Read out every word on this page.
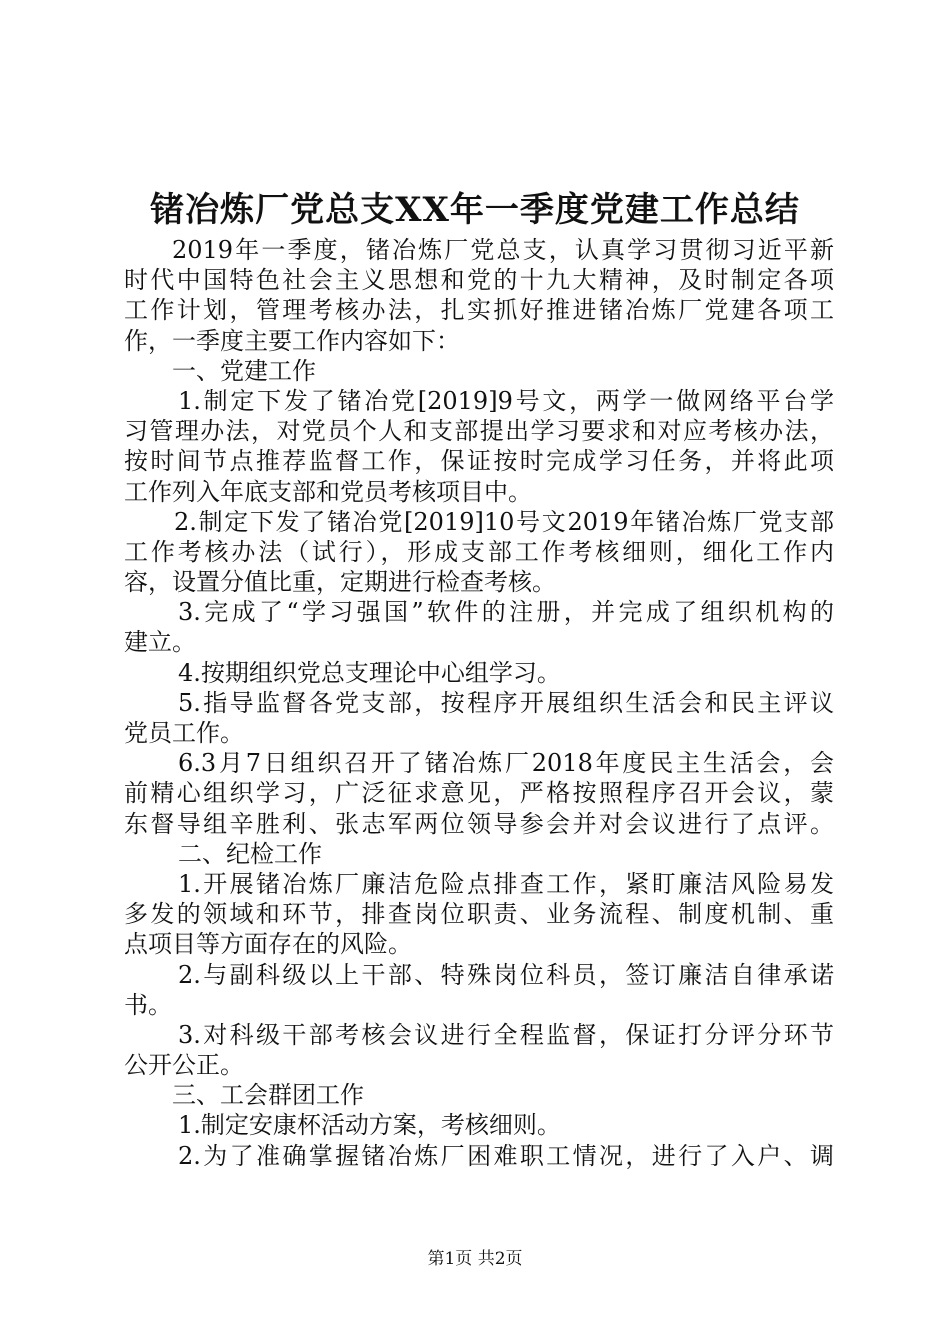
锗冶炼厂党总支XX年一季度党建工作总结
2019年一季度，锗冶炼厂党总支，认真学习贯彻习近平新
时代中国特色社会主义思想和党的十九大精神，及时制定各项
工作计划，管理考核办法，扎实抓好推进锗冶炼厂党建各项工
作，一季度主要工作内容如下：
一、党建工作
1.制定下发了锗冶党[2019]9号文，两学一做网络平台学
习管理办法，对党员个人和支部提出学习要求和对应考核办法，
按时间节点推荐监督工作，保证按时完成学习任务，并将此项
工作列入年底支部和党员考核项目中。
2.制定下发了锗冶党[2019]10号文2019年锗冶炼厂党支部
工作考核办法（试行），形成支部工作考核细则，细化工作内
容，设置分值比重，定期进行检查考核。
3.完成了“学习强国”软件的注册，并完成了组织机构的
建立。
4.按期组织党总支理论中心组学习。
5.指导监督各党支部，按程序开展组织生活会和民主评议
党员工作。
6.3月7日组织召开了锗冶炼厂2018年度民主生活会，会
前精心组织学习，广泛征求意见，严格按照程序召开会议，蒙
东督导组辛胜利、张志军两位领导参会并对会议进行了点评。
二、纪检工作
1.开展锗冶炼厂廉洁危险点排查工作，紧盯廉洁风险易发
多发的领域和环节，排查岗位职责、业务流程、制度机制、重
点项目等方面存在的风险。
2.与副科级以上干部、特殊岗位科员，签订廉洁自律承诺
书。
3.对科级干部考核会议进行全程监督，保证打分评分环节
公开公正。
三、工会群团工作
1.制定安康杯活动方案，考核细则。
2.为了准确掌握锗冶炼厂困难职工情况，进行了入户、调
第1页 共2页
